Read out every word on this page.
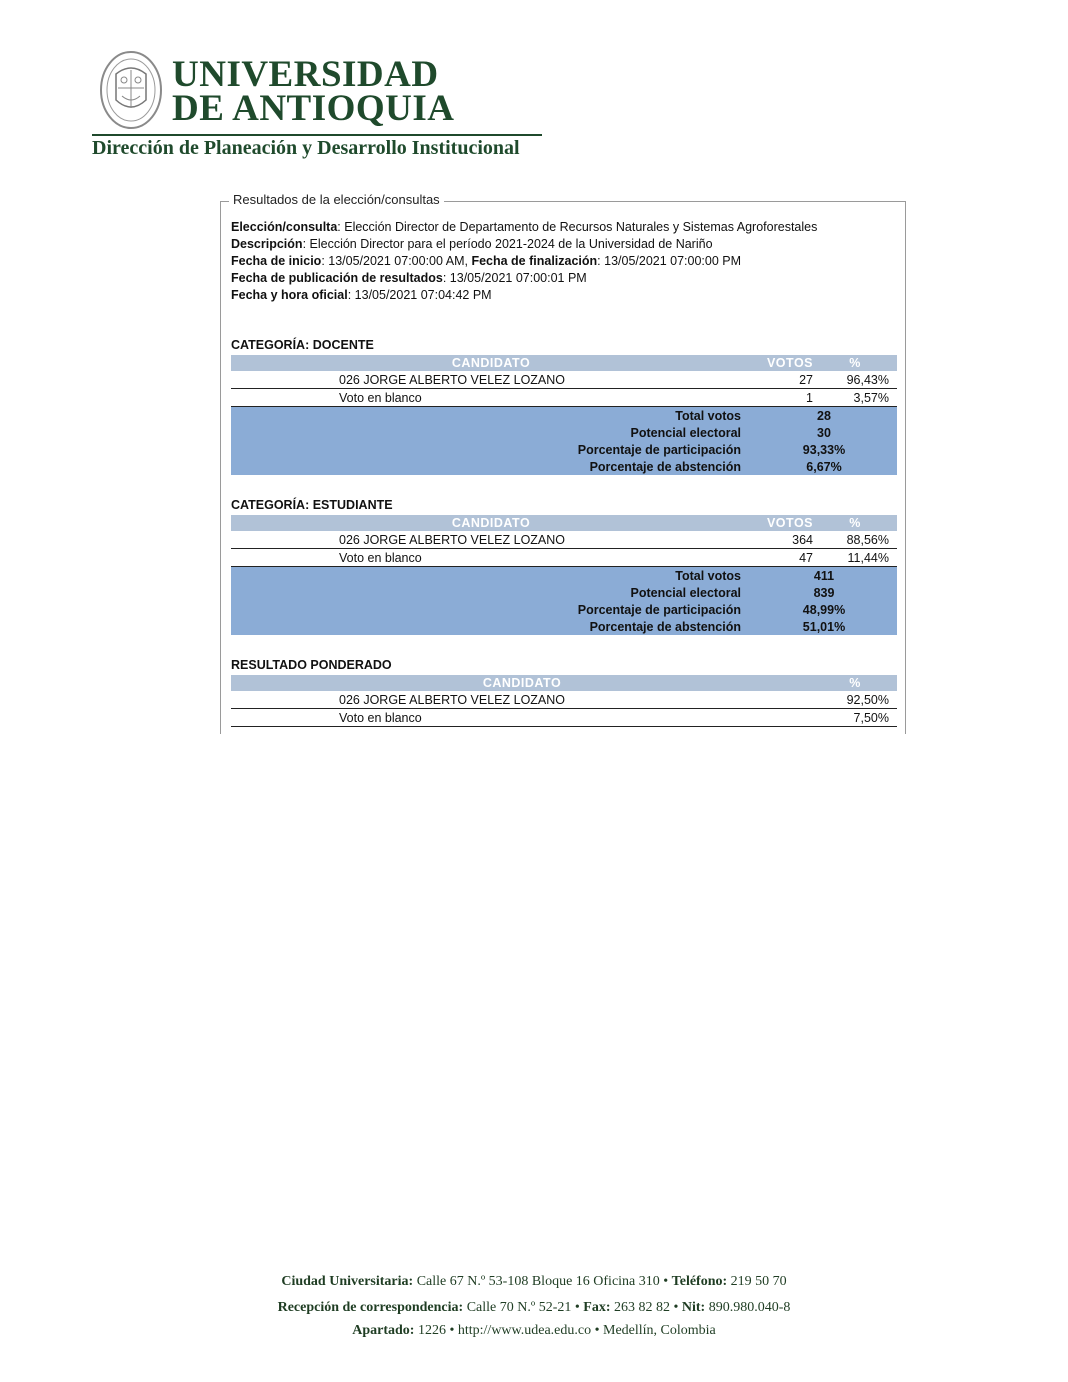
UNIVERSIDAD
DE ANTIOQUIA
Dirección de Planeación y Desarrollo Institucional
Resultados de la elección/consultas
Elección/consulta: Elección Director de Departamento de Recursos Naturales y Sistemas Agroforestales
Descripción: Elección Director para el período 2021-2024 de la Universidad de Nariño
Fecha de inicio: 13/05/2021 07:00:00 AM, Fecha de finalización: 13/05/2021 07:00:00 PM
Fecha de publicación de resultados: 13/05/2021 07:00:01 PM
Fecha y hora oficial: 13/05/2021 07:04:42 PM
CATEGORÍA: DOCENTE
CANDIDATO	VOTOS	%
026 JORGE ALBERTO VELEZ LOZANO	27	96,43%
Voto en blanco	1	3,57%
Total votos	28	
Potencial electoral	30	
Porcentaje de participación	93,33%	
Porcentaje de abstención	6,67%	
CATEGORÍA: ESTUDIANTE
CANDIDATO	VOTOS	%
026 JORGE ALBERTO VELEZ LOZANO	364	88,56%
Voto en blanco	47	11,44%
Total votos	411	
Potencial electoral	839	
Porcentaje de participación	48,99%	
Porcentaje de abstención	51,01%	
RESULTADO PONDERADO
CANDIDATO	%
026 JORGE ALBERTO VELEZ LOZANO	92,50%
Voto en blanco	7,50%
Ciudad Universitaria: Calle 67 N.º 53-108 Bloque 16 Oficina 310 • Teléfono: 219 50 70
Recepción de correspondencia: Calle 70 N.º 52-21 • Fax: 263 82 82 • Nit: 890.980.040-8
Apartado: 1226 • http://www.udea.edu.co • Medellín, Colombia
